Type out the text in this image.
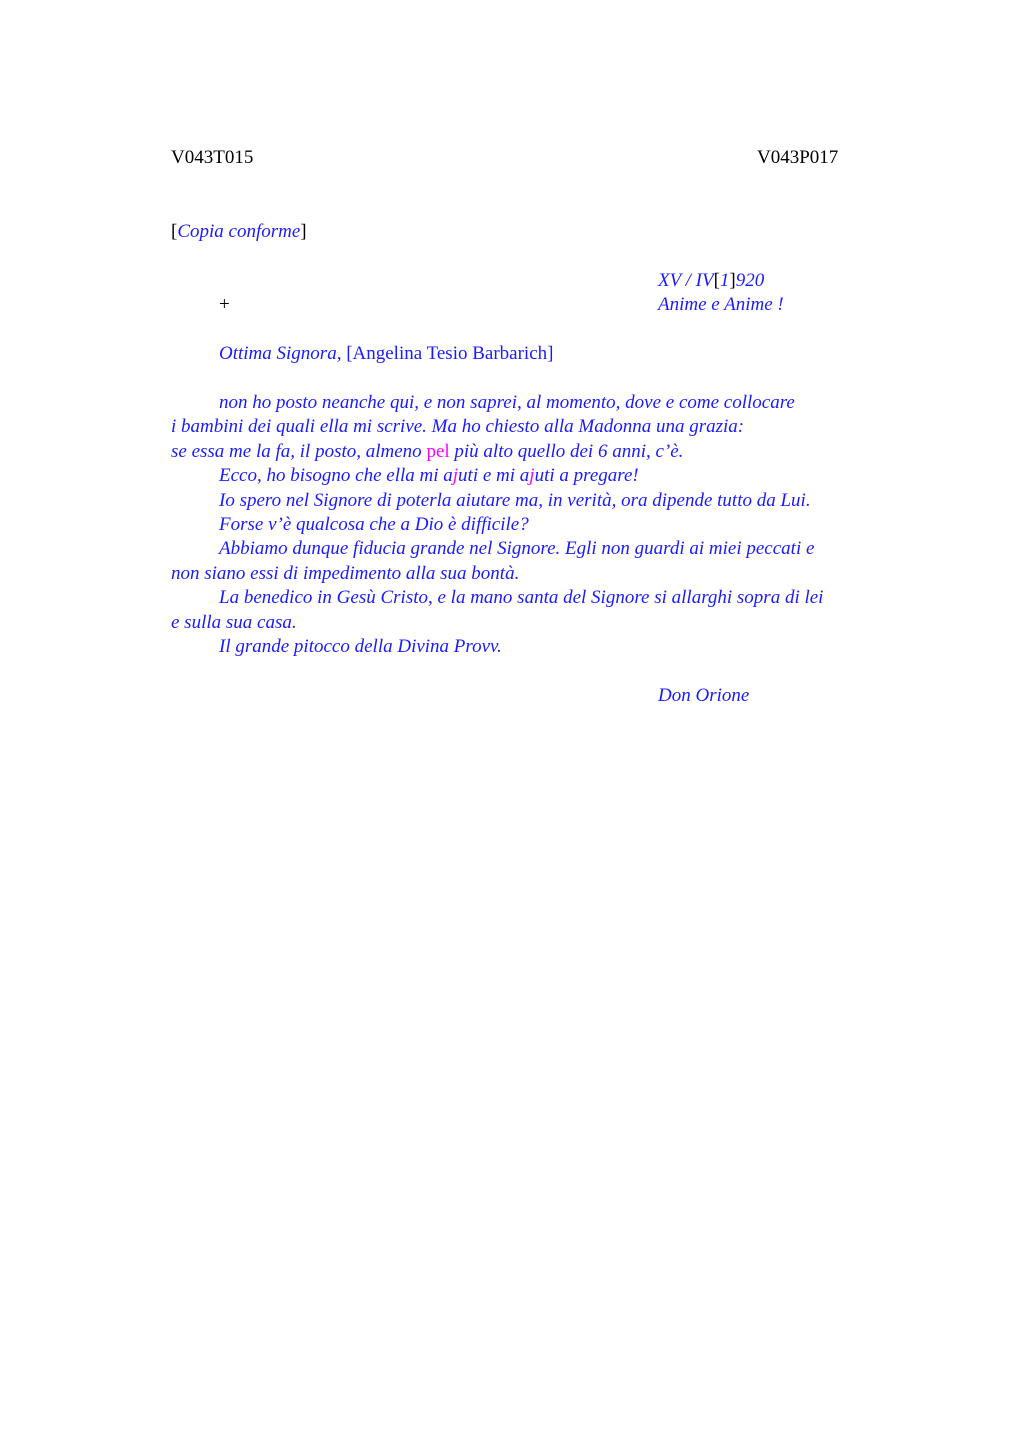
V043T015	V043P017
[Copia conforme]
XV / IV[1]920
+	Anime e Anime !
Ottima Signora, [Angelina Tesio Barbarich]
non ho posto neanche qui, e non saprei, al momento, dove e come collocare
i bambini dei quali ella mi scrive. Ma ho chiesto alla Madonna una grazia:
se essa me la fa, il posto, almeno pel più alto quello dei 6 anni, c’è.
Ecco, ho bisogno che ella mi ajuti e mi ajuti a pregare!
Io spero nel Signore di poterla aiutare ma, in verità, ora dipende tutto da Lui.
Forse v’è qualcosa che a Dio è difficile?
Abbiamo dunque fiducia grande nel Signore. Egli non guardi ai miei peccati e
non siano essi di impedimento alla sua bontà.
La benedico in Gesù Cristo, e la mano santa del Signore si allarghi sopra di lei
e sulla sua casa.
Il grande pitocco della Divina Provv.
Don Orione
